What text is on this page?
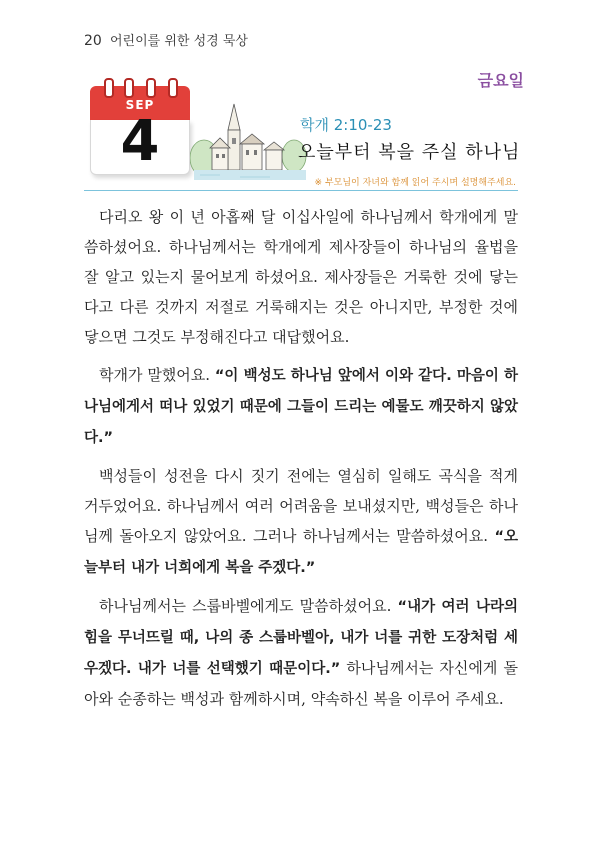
20 어린이를 위한 성경 묵상
금요일
SEP
4	학개 2:10-23
오늘부터 복을 주실 하나님
※ 부모님이 자녀와 함께 읽어 주시며 설명해주세요.

다리오 왕 이 년 아홉째 달 이십사일에 하나님께서 학개에게 말씀하셨어요. 하나님께서는 학개에게 제사장들이 하나님의 율법을 잘 알고 있는지 물어보게 하셨어요. 제사장들은 거룩한 것에 닿는다고 다른 것까지 저절로 거룩해지는 것은 아니지만, 부정한 것에 닿으면 그것도 부정해진다고 대답했어요.

학개가 말했어요. “이 백성도 하나님 앞에서 이와 같다. 마음이 하나님에게서 떠나 있었기 때문에 그들이 드리는 예물도 깨끗하지 않았다.”

백성들이 성전을 다시 짓기 전에는 열심히 일해도 곡식을 적게 거두었어요. 하나님께서 여러 어려움을 보내셨지만, 백성들은 하나님께 돌아오지 않았어요. 그러나 하나님께서는 말씀하셨어요. “오늘부터 내가 너희에게 복을 주겠다.”

하나님께서는 스룹바벨에게도 말씀하셨어요. “내가 여러 나라의 힘을 무너뜨릴 때, 나의 종 스룹바벨아, 내가 너를 귀한 도장처럼 세우겠다. 내가 너를 선택했기 때문이다.” 하나님께서는 자신에게 돌아와 순종하는 백성과 함께하시며, 약속하신 복을 이루어 주세요.
